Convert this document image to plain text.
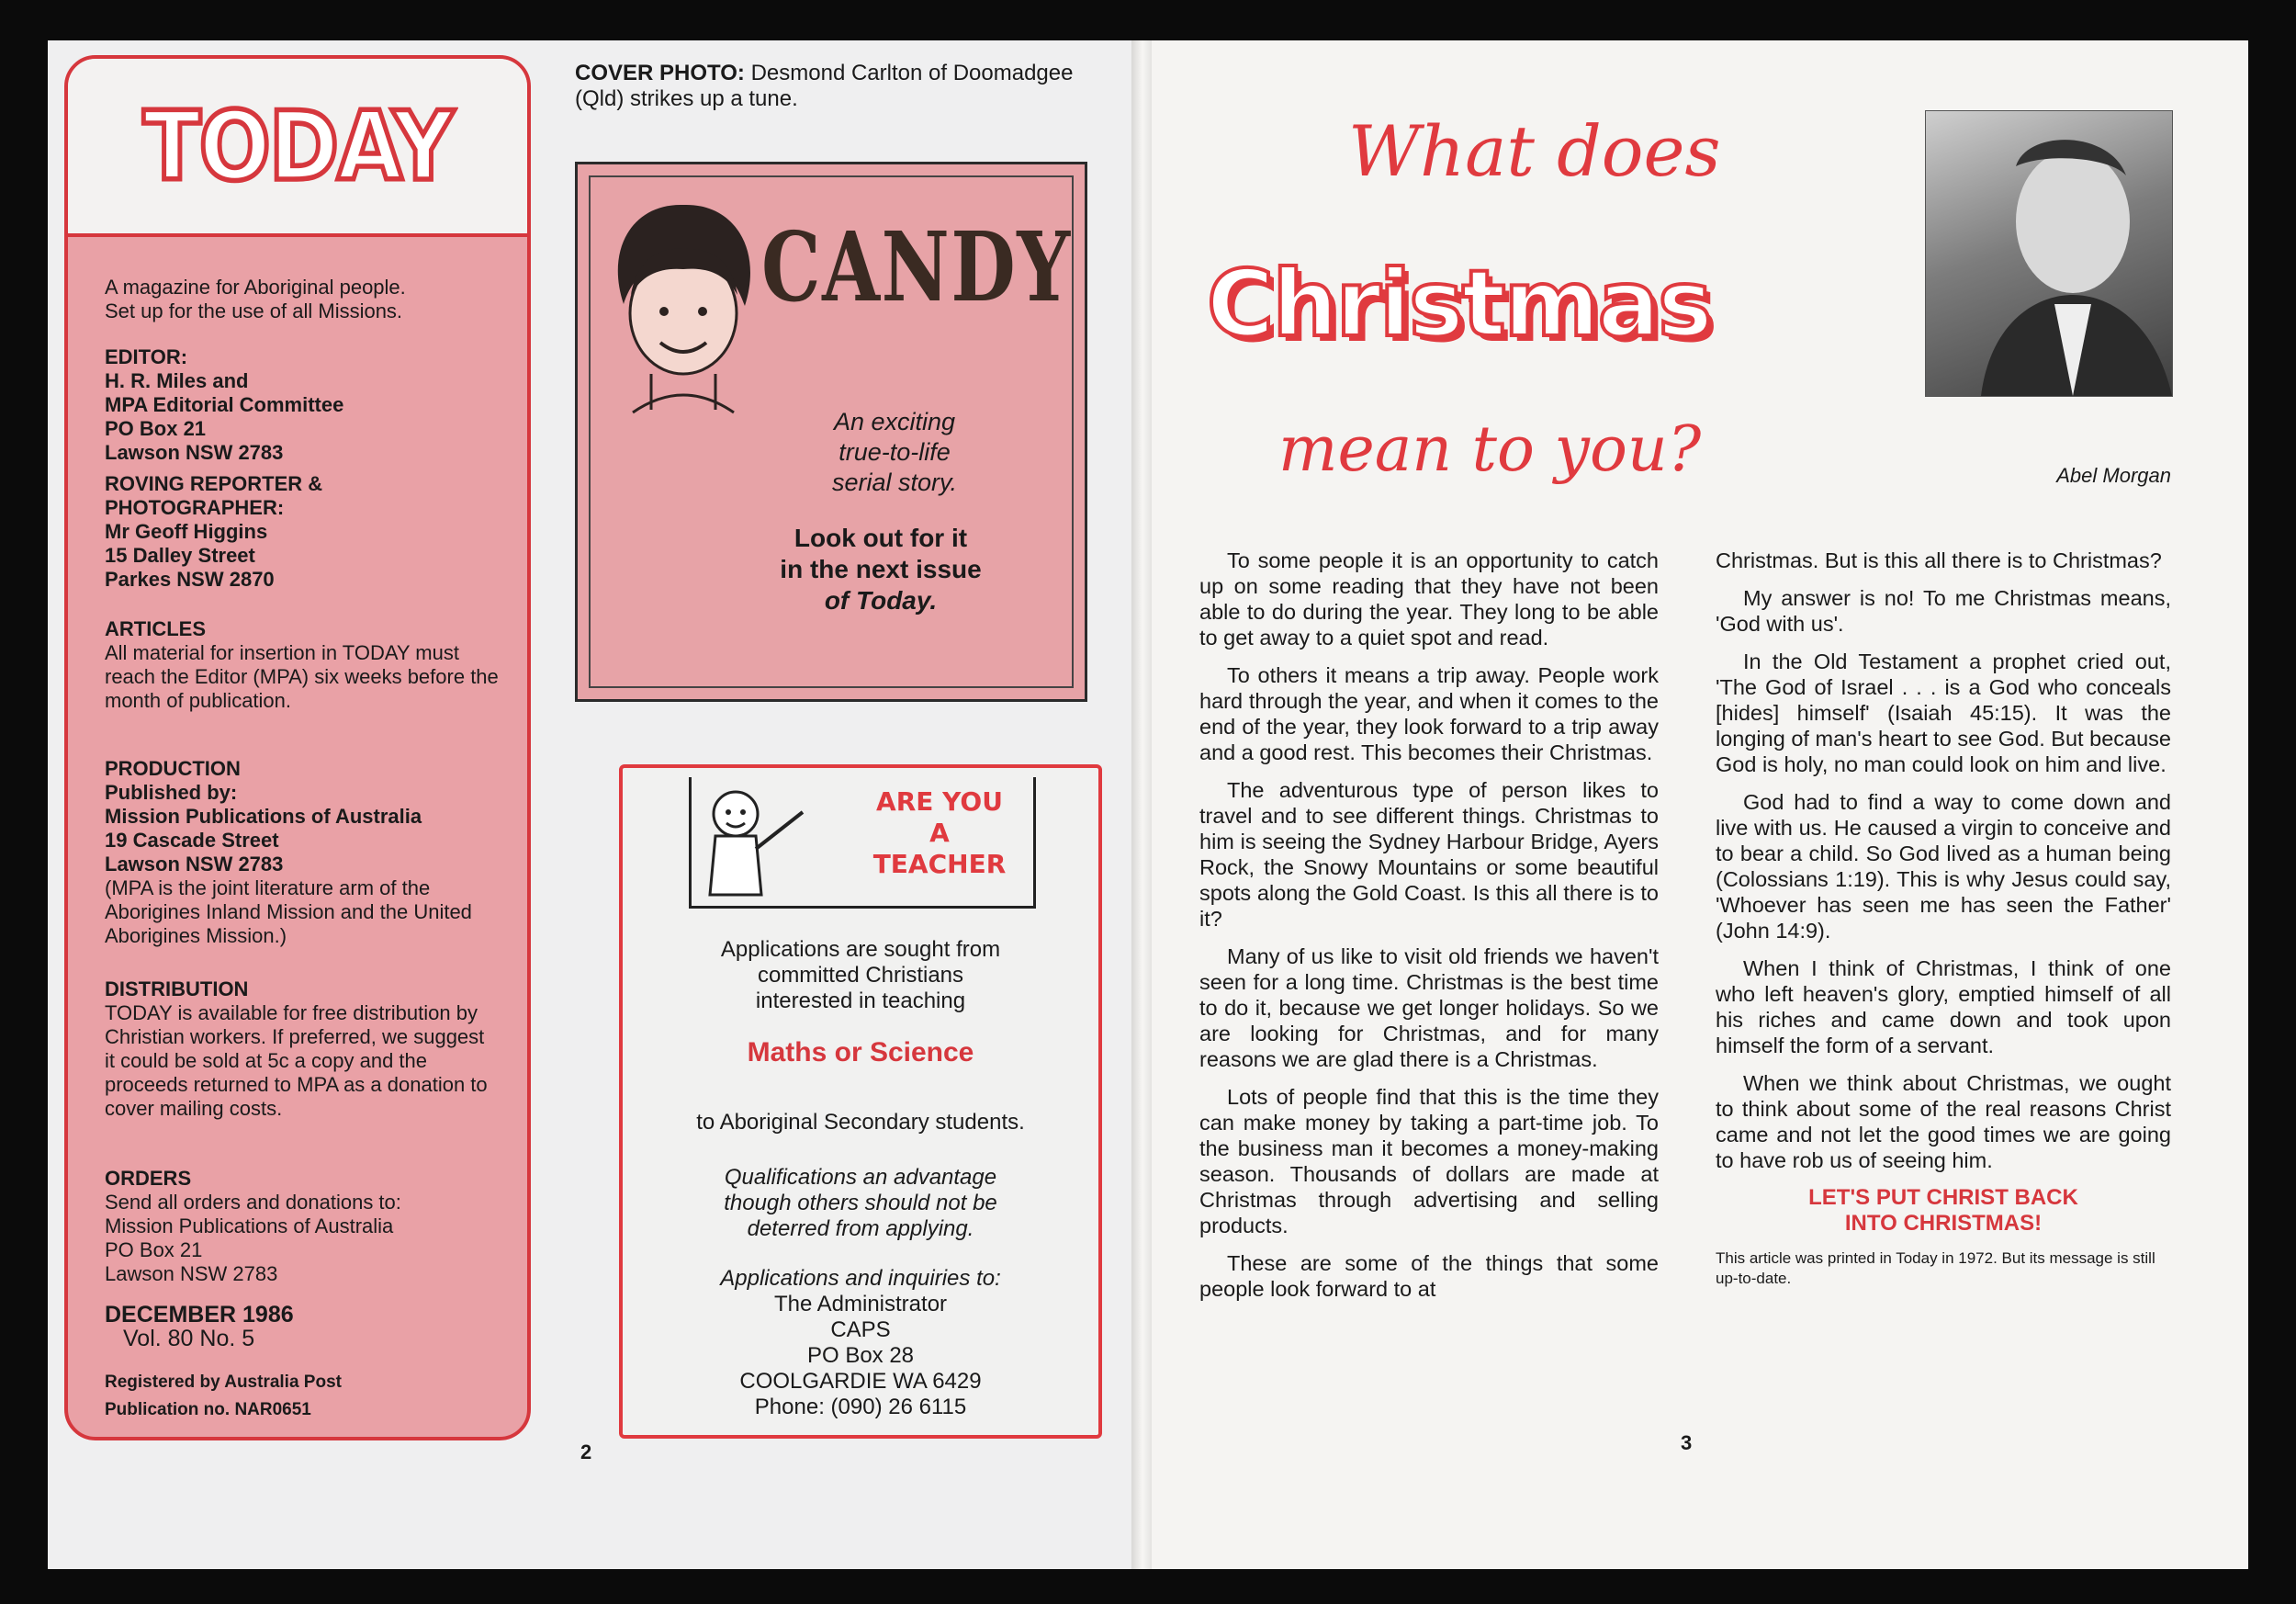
TODAY

A magazine for Aboriginal people.
Set up for the use of all Missions.

EDITOR:
H. R. Miles and
MPA Editorial Committee
PO Box 21
Lawson NSW 2783

ROVING REPORTER & PHOTOGRAPHER:
Mr Geoff Higgins
15 Dalley Street
Parkes NSW 2870

ARTICLES
All material for insertion in TODAY must reach the Editor (MPA) six weeks before the month of publication.

PRODUCTION
Published by:
Mission Publications of Australia
19 Cascade Street
Lawson NSW 2783
(MPA is the joint literature arm of the Aborigines Inland Mission and the United Aborigines Mission.)

DISTRIBUTION
TODAY is available for free distribution by Christian workers. If preferred, we suggest it could be sold at 5c a copy and the proceeds returned to MPA as a donation to cover mailing costs.

ORDERS
Send all orders and donations to:
Mission Publications of Australia
PO Box 21
Lawson NSW 2783

DECEMBER 1986
Vol. 80 No. 5

Registered by Australia Post
Publication no. NAR0651

COVER PHOTO: Desmond Carlton of Doomadgee (Qld) strikes up a tune.
CANDY
An exciting
true-to-life
serial story.
Look out for it
in the next issue
of Today.
ARE YOU
A
TEACHER
Applications are sought from
committed Christians
interested in teaching
Maths or Science
to Aboriginal Secondary students.
Qualifications an advantage
though others should not be
deterred from applying.
Applications and inquiries to:
The Administrator
CAPS
PO Box 28
COOLGARDIE WA 6429
Phone: (090) 26 6115
2	3
What does
Christmas
mean to you?	Abel Morgan

To some people it is an opportunity to catch up on some reading that they have not been able to do during the year. They long to be able to get away to a quiet spot and read.

To others it means a trip away. People work hard through the year, and when it comes to the end of the year, they look forward to a trip away and a good rest. This becomes their Christmas.

The adventurous type of person likes to travel and to see different things. Christmas to him is seeing the Sydney Harbour Bridge, Ayers Rock, the Snowy Mountains or some beautiful spots along the Gold Coast. Is this all there is to it?

Many of us like to visit old friends we haven't seen for a long time. Christmas is the best time to do it, because we get longer holidays. So we are looking for Christmas, and for many reasons we are glad there is a Christmas.

Lots of people find that this is the time they can make money by taking a part-time job. To the business man it becomes a money-making season. Thousands of dollars are made at Christmas through advertising and selling products.

These are some of the things that some people look forward to at

Christmas. But is this all there is to Christmas?

My answer is no! To me Christmas means, 'God with us'.

In the Old Testament a prophet cried out, 'The God of Israel . . . is a God who conceals [hides] himself' (Isaiah 45:15). It was the longing of man's heart to see God. But because God is holy, no man could look on him and live.

God had to find a way to come down and live with us. He caused a virgin to conceive and to bear a child. So God lived as a human being (Colossians 1:19). This is why Jesus could say, 'Whoever has seen me has seen the Father' (John 14:9).

When I think of Christmas, I think of one who left heaven's glory, emptied himself of all his riches and came down and took upon himself the form of a servant.

When we think about Christmas, we ought to think about some of the real reasons Christ came and not let the good times we are going to have rob us of seeing him.

LET'S PUT CHRIST BACK
INTO CHRISTMAS!

This article was printed in Today in 1972. But its message is still up-to-date.
